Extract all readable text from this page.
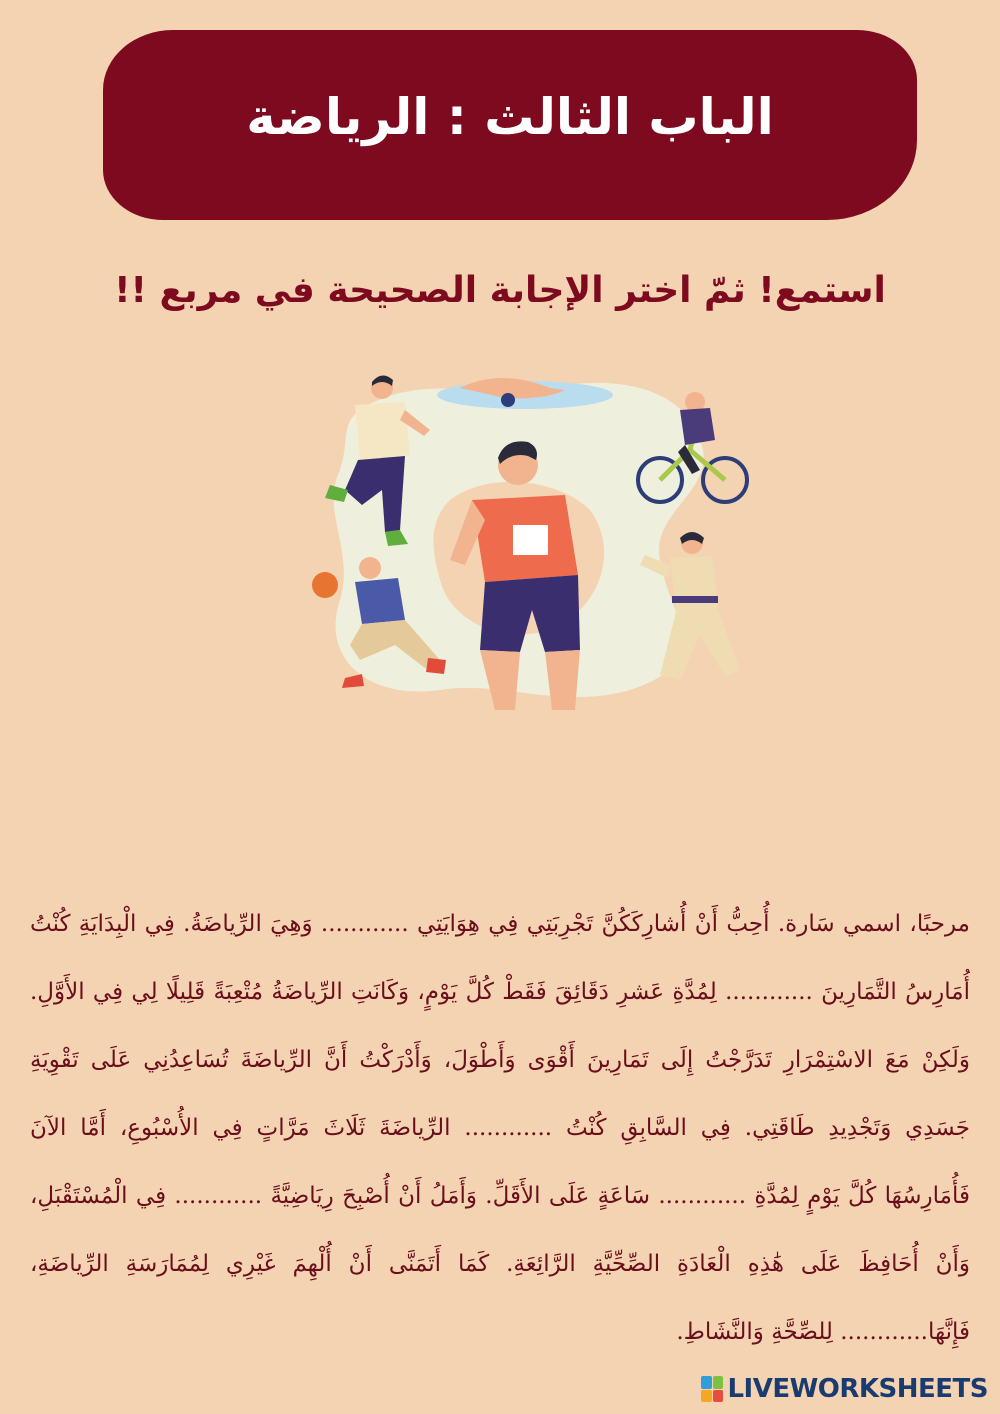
الباب الثالث : الرياضة
استمع! ثمّ اختر الإجابة الصحيحة في مربع !!
مرحبًا، اسمي سَارة. أُحِبُّ أَنْ أُشارِكَكُنَّ تَجْرِبَتِي فِي هِوَايَتِي ............ وَهِيَ الرِّياضَةُ. فِي الْبِدَايَةِ كُنْتُ أُمَارِسُ التَّمَارِينَ ............ لِمُدَّةِ عَشرِ دَقَائِقَ فَقَطْ كُلَّ يَوْمٍ، وَكَانَتِ الرِّياضَةُ مُتْعِبَةً قَلِيلًا لِي فِي الأَوَّلِ. وَلَكِنْ مَعَ الاسْتِمْرَارِ تَدَرَّجْتُ إِلَى تَمَارِينَ أَقْوَى وَأَطْوَلَ، وَأَدْرَكْتُ أَنَّ الرِّياضَةَ تُسَاعِدُنِي عَلَى تَقْوِيَةِ جَسَدِي وَتَجْدِيدِ طَاقَتِي. فِي السَّابِقِ كُنْتُ ............ الرِّياضَةَ ثَلَاثَ مَرَّاتٍ فِي الأُسْبُوعِ، أَمَّا الآنَ فَأُمَارِسُهَا كُلَّ يَوْمٍ لِمُدَّةِ ............ سَاعَةٍ عَلَى الأَقَلِّ. وَأَمَلُ أَنْ أُصْبِحَ رِيَاضِيَّةً ............ فِي الْمُسْتَقْبَلِ، وَأَنْ أُحَافِظَ عَلَى هَٰذِهِ الْعَادَةِ الصِّحِّيَّةِ الرَّائِعَةِ. كَمَا أَتَمَنَّى أَنْ أُلْهِمَ غَيْرِي لِمُمَارَسَةِ الرِّياضَةِ، فَإِنَّهَا............ لِلصِّحَّةِ وَالنَّشَاطِ.
LIVEWORKSHEETS
